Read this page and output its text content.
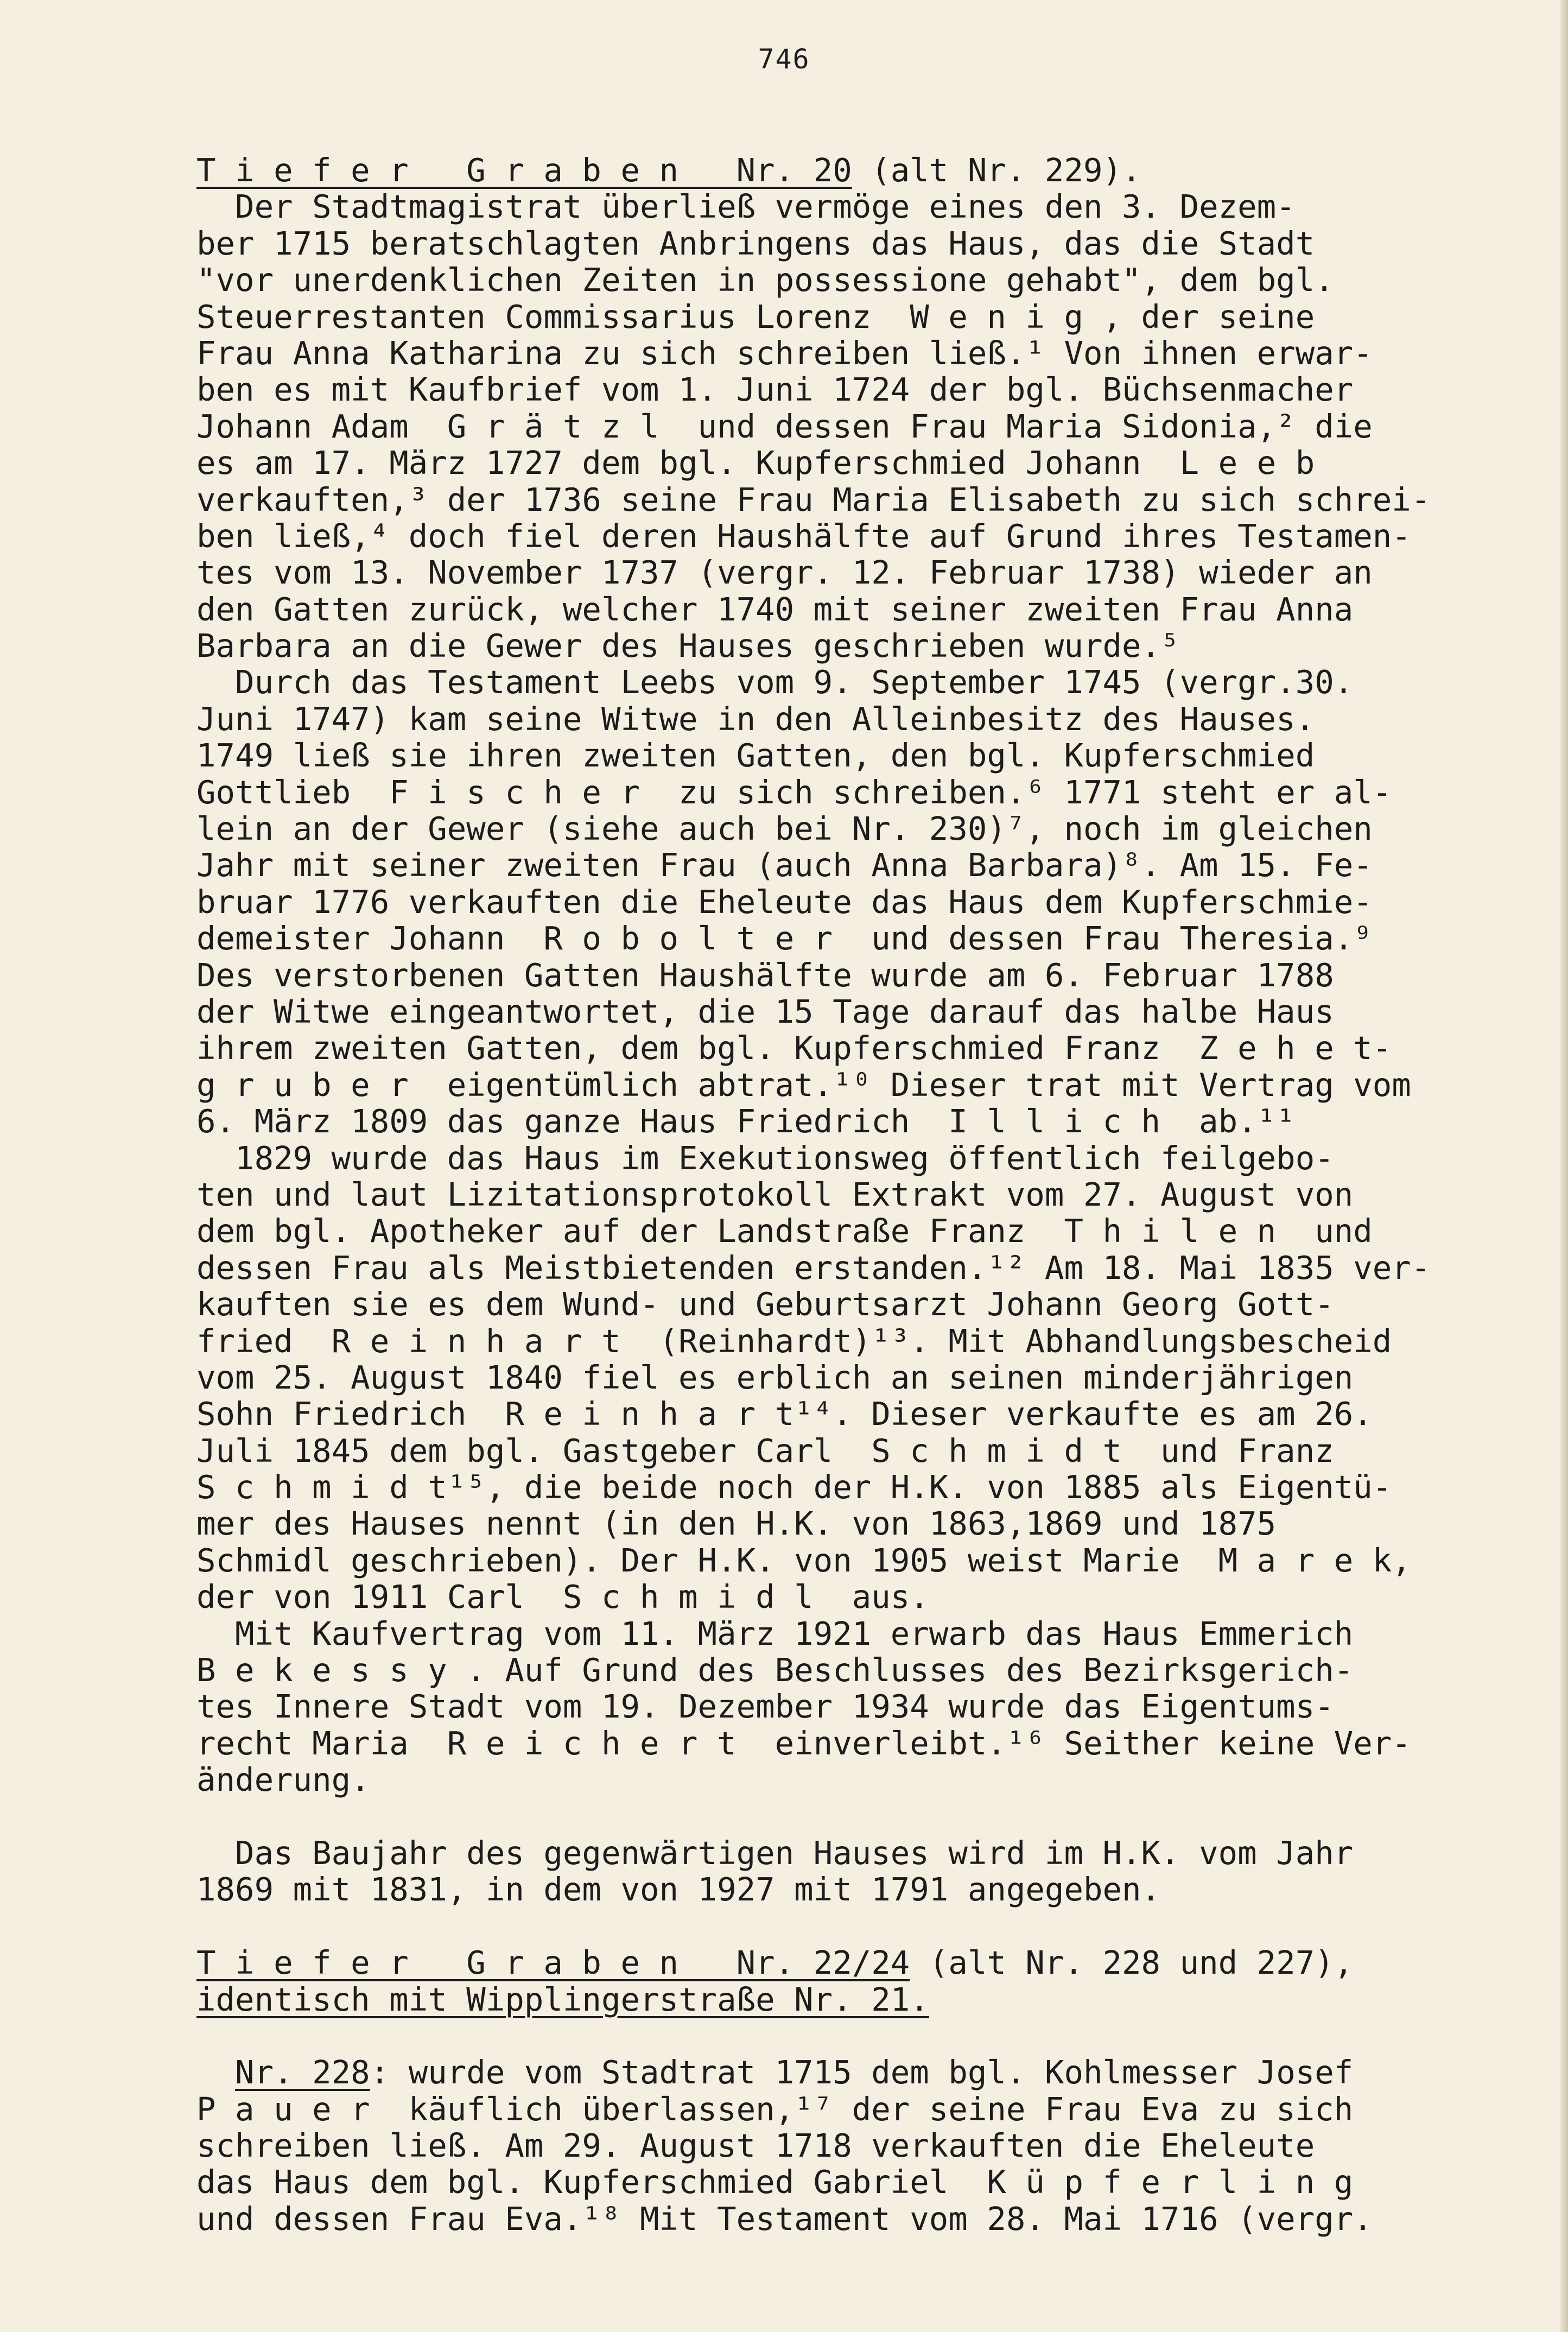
746
T i e f e r   G r a b e n   Nr. 20 (alt Nr. 229).
Der Stadtmagistrat überließ vermöge eines den 3. Dezem-
ber 1715 beratschlagten Anbringens das Haus, das die Stadt
"vor unerdenklichen Zeiten in possessione gehabt", dem bgl.
Steuerrestanten Commissarius Lorenz  W e n i g , der seine
Frau Anna Katharina zu sich schreiben ließ.¹ Von ihnen erwar-
ben es mit Kaufbrief vom 1. Juni 1724 der bgl. Büchsenmacher
Johann Adam  G r ä t z l  und dessen Frau Maria Sidonia,² die
es am 17. März 1727 dem bgl. Kupferschmied Johann  L e e b
verkauften,³ der 1736 seine Frau Maria Elisabeth zu sich schrei-
ben ließ,⁴ doch fiel deren Haushälfte auf Grund ihres Testamen-
tes vom 13. November 1737 (vergr. 12. Februar 1738) wieder an
den Gatten zurück, welcher 1740 mit seiner zweiten Frau Anna
Barbara an die Gewer des Hauses geschrieben wurde.⁵
Durch das Testament Leebs vom 9. September 1745 (vergr.30.
Juni 1747) kam seine Witwe in den Alleinbesitz des Hauses.
1749 ließ sie ihren zweiten Gatten, den bgl. Kupferschmied
Gottlieb  F i s c h e r  zu sich schreiben.⁶ 1771 steht er al-
lein an der Gewer (siehe auch bei Nr. 230)⁷, noch im gleichen
Jahr mit seiner zweiten Frau (auch Anna Barbara)⁸. Am 15. Fe-
bruar 1776 verkauften die Eheleute das Haus dem Kupferschmie-
demeister Johann  R o b o l t e r  und dessen Frau Theresia.⁹
Des verstorbenen Gatten Haushälfte wurde am 6. Februar 1788
der Witwe eingeantwortet, die 15 Tage darauf das halbe Haus
ihrem zweiten Gatten, dem bgl. Kupferschmied Franz  Z e h e t-
g r u b e r  eigentümlich abtrat.¹⁰ Dieser trat mit Vertrag vom
6. März 1809 das ganze Haus Friedrich  I l l i c h  ab.¹¹
1829 wurde das Haus im Exekutionsweg öffentlich feilgebo-
ten und laut Lizitationsprotokoll Extrakt vom 27. August von
dem bgl. Apotheker auf der Landstraße Franz  T h i l e n  und
dessen Frau als Meistbietenden erstanden.¹² Am 18. Mai 1835 ver-
kauften sie es dem Wund- und Geburtsarzt Johann Georg Gott-
fried  R e i n h a r t  (Reinhardt)¹³. Mit Abhandlungsbescheid
vom 25. August 1840 fiel es erblich an seinen minderjährigen
Sohn Friedrich  R e i n h a r t¹⁴. Dieser verkaufte es am 26.
Juli 1845 dem bgl. Gastgeber Carl  S c h m i d t  und Franz
S c h m i d t¹⁵, die beide noch der H.K. von 1885 als Eigentü-
mer des Hauses nennt (in den H.K. von 1863,1869 und 1875
Schmidl geschrieben). Der H.K. von 1905 weist Marie  M a r e k,
der von 1911 Carl  S c h m i d l  aus.
Mit Kaufvertrag vom 11. März 1921 erwarb das Haus Emmerich
B e k e s s y . Auf Grund des Beschlusses des Bezirksgerich-
tes Innere Stadt vom 19. Dezember 1934 wurde das Eigentums-
recht Maria  R e i c h e r t  einverleibt.¹⁶ Seither keine Ver-
änderung.
Das Baujahr des gegenwärtigen Hauses wird im H.K. vom Jahr
1869 mit 1831, in dem von 1927 mit 1791 angegeben.
T i e f e r   G r a b e n   Nr. 22/24 (alt Nr. 228 und 227),
identisch mit Wipplingerstraße Nr. 21.
Nr. 228: wurde vom Stadtrat 1715 dem bgl. Kohlmesser Josef
P a u e r  käuflich überlassen,¹⁷ der seine Frau Eva zu sich
schreiben ließ. Am 29. August 1718 verkauften die Eheleute
das Haus dem bgl. Kupferschmied Gabriel  K ü p f e r l i n g
und dessen Frau Eva.¹⁸ Mit Testament vom 28. Mai 1716 (vergr.
